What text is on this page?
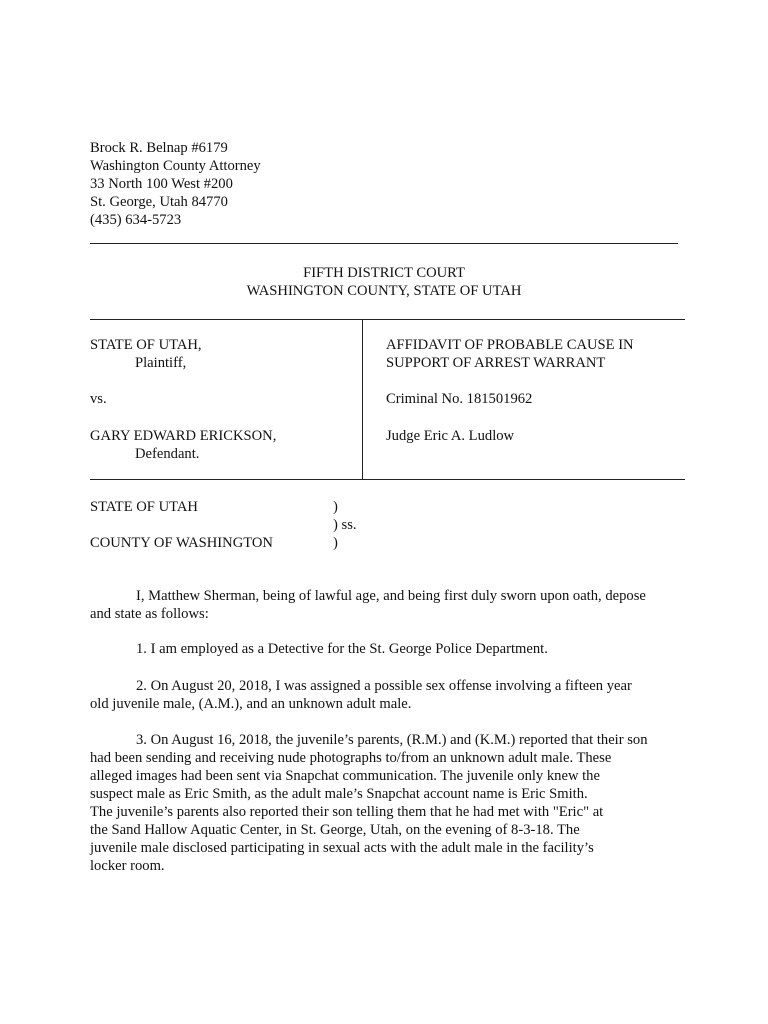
Brock R. Belnap #6179
Washington County Attorney
33 North 100 West #200
St. George, Utah 84770
(435) 634-5723
FIFTH DISTRICT COURT
WASHINGTON COUNTY, STATE OF UTAH
STATE OF UTAH,
Plaintiff,
vs.
GARY EDWARD ERICKSON,
Defendant.
AFFIDAVIT OF PROBABLE CAUSE IN
SUPPORT OF ARREST WARRANT
Criminal No. 181501962
Judge Eric A. Ludlow
STATE OF UTAH
COUNTY OF WASHINGTON
)
) ss.
)
I, Matthew Sherman, being of lawful age, and being first duly sworn upon oath, depose
and state as follows:
1. I am employed as a Detective for the St. George Police Department.
2. On August 20, 2018, I was assigned a possible sex offense involving a fifteen year
old juvenile male, (A.M.), and an unknown adult male.
3. On August 16, 2018, the juvenile’s parents, (R.M.) and (K.M.) reported that their son
had been sending and receiving nude photographs to/from an unknown adult male. These
alleged images had been sent via Snapchat communication. The juvenile only knew the
suspect male as Eric Smith, as the adult male’s Snapchat account name is Eric Smith.
The juvenile’s parents also reported their son telling them that he had met with "Eric" at
the Sand Hallow Aquatic Center, in St. George, Utah, on the evening of 8-3-18. The
juvenile male disclosed participating in sexual acts with the adult male in the facility’s
locker room.
